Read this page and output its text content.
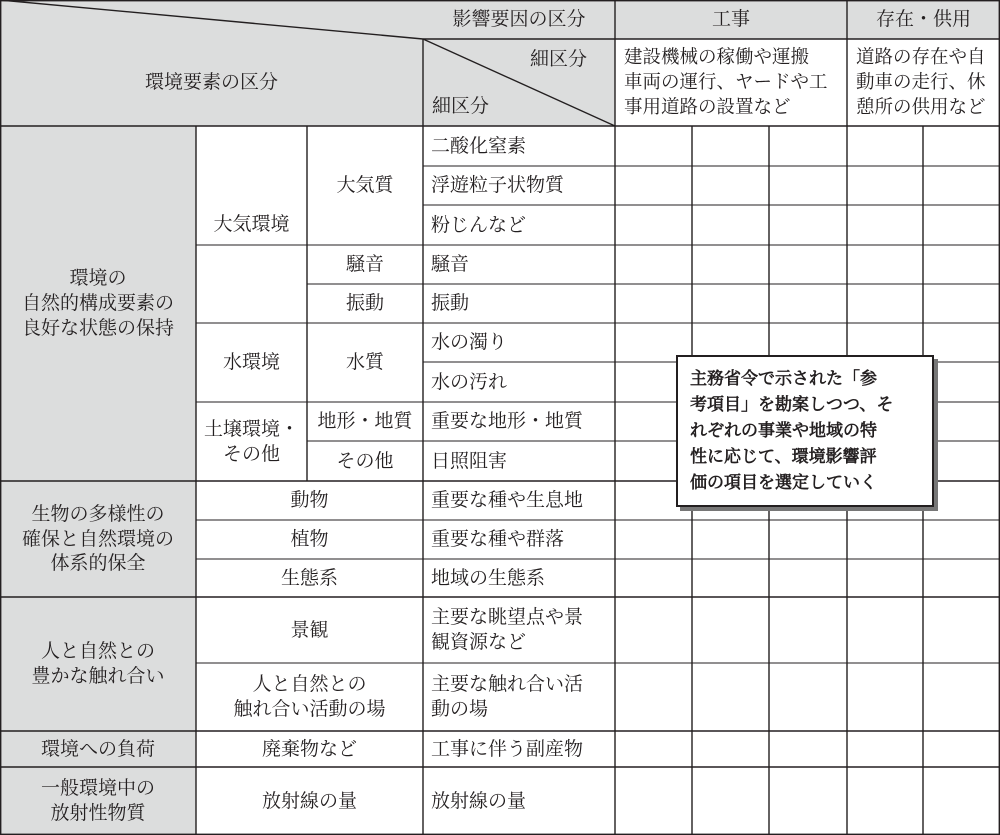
影響要因の区分	工事	存在・供用
環境要素の区分
細区分
細区分
建設機械の稼働や運搬
車両の運行、ヤードや工
事用道路の設置など
道路の存在や自
動車の走行、休
憩所の供用など
環境の
自然的構成要素の
良好な状態の保持
生物の多様性の
確保と自然環境の
体系的保全
人と自然との
豊かな触れ合い
環境への負荷
一般環境中の
放射性物質
大気環境
水環境
土壌環境・
その他
大気質
騒音
振動
水質
地形・地質
その他
動物
植物
生態系
景観
人と自然との
触れ合い活動の場
廃棄物など
放射線の量
二酸化窒素
浮遊粒子状物質
粉じんなど
騒音
振動
水の濁り
水の汚れ
重要な地形・地質
日照阻害
重要な種や生息地
重要な種や群落
地域の生態系
主要な眺望点や景
観資源など
主要な触れ合い活
動の場
工事に伴う副産物
放射線の量
主務省令で示された「参
考項目」を勘案しつつ、そ
れぞれの事業や地域の特
性に応じて、環境影響評
価の項目を選定していく
